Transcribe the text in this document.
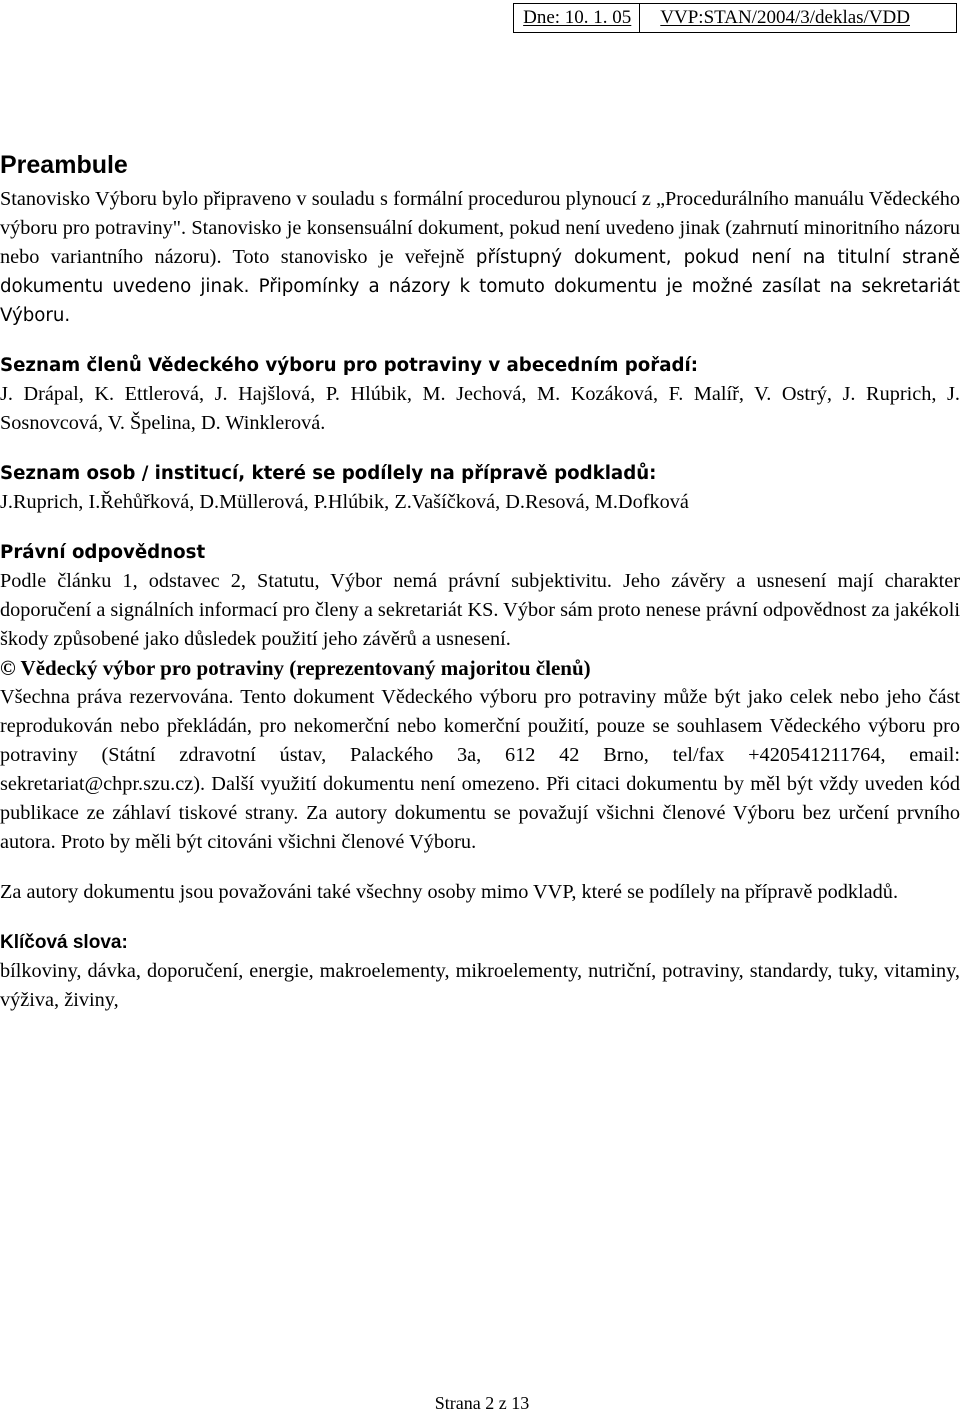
Dne: 10. 1. 05	VVP:STAN/2004/3/deklas/VDD
Preambule

Stanovisko Výboru bylo připraveno v souladu s formální procedurou plynoucí z „Procedurálního manuálu Vědeckého výboru pro potraviny". Stanovisko je konsensuální dokument, pokud není uvedeno jinak (zahrnutí minoritního názoru nebo variantního názoru). Toto stanovisko je veřejně přístupný dokument, pokud není na titulní straně dokumentu uvedeno jinak. Připomínky a názory k tomuto dokumentu je možné zasílat na sekretariát Výboru.

Seznam členů Vědeckého výboru pro potraviny v abecedním pořadí:

J. Drápal, K. Ettlerová, J. Hajšlová, P. Hlúbik, M. Jechová, M. Kozáková, F. Malíř, V. Ostrý, J. Ruprich, J. Sosnovcová, V. Špelina, D. Winklerová.

Seznam osob / institucí, které se podílely na přípravě podkladů:

J.Ruprich, I.Řehůřková, D.Müllerová, P.Hlúbik, Z.Vašíčková, D.Resová, M.Dofková

Právní odpovědnost

Podle článku 1, odstavec 2, Statutu, Výbor nemá právní subjektivitu. Jeho závěry a usnesení mají charakter doporučení a signálních informací pro členy a sekretariát KS. Výbor sám proto nenese právní odpovědnost za jakékoli škody způsobené jako důsledek použití jeho závěrů a usnesení.

© Vědecký výbor pro potraviny (reprezentovaný majoritou členů)

Všechna práva rezervována. Tento dokument Vědeckého výboru pro potraviny může být jako celek nebo jeho část reprodukován nebo překládán, pro nekomerční nebo komerční použití, pouze se souhlasem Vědeckého výboru pro potraviny (Státní zdravotní ústav, Palackého 3a, 612 42 Brno, tel/fax +420541211764, email: sekretariat@chpr.szu.cz). Další využití dokumentu není omezeno. Při citaci dokumentu by měl být vždy uveden kód publikace ze záhlaví tiskové strany. Za autory dokumentu se považují všichni členové Výboru bez určení prvního autora. Proto by měli být citováni všichni členové Výboru.

Za autory dokumentu jsou považováni také všechny osoby mimo VVP, které se podílely na přípravě podkladů.

Klíčová slova:

bílkoviny, dávka, doporučení, energie, makroelementy, mikroelementy, nutriční, potraviny, standardy, tuky, vitaminy, výživa, živiny,

Strana 2 z 13
